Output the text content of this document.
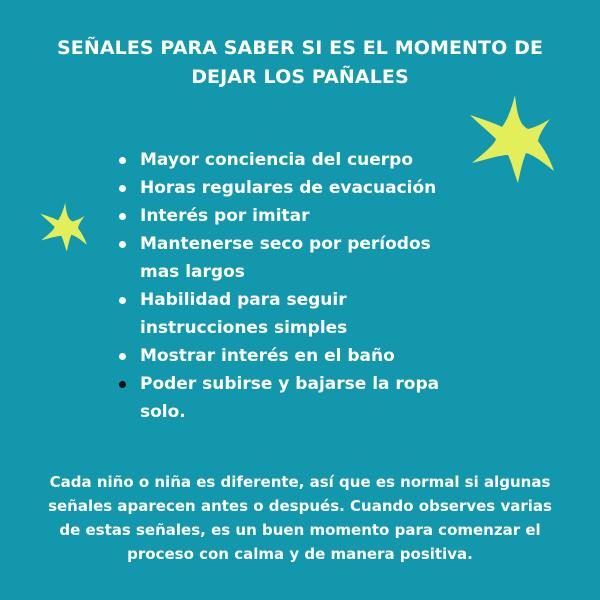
SEÑALES PARA SABER SI ES EL MOMENTO DE
DEJAR LOS PAÑALES
Mayor conciencia del cuerpo
Horas regulares de evacuación
Interés por imitar
Mantenerse seco por períodos
mas largos
Habilidad para seguir
instrucciones simples
Mostrar interés en el baño
Poder subirse y bajarse la ropa
solo.

Cada niño o niña es diferente, así que es normal si algunas
señales aparecen antes o después. Cuando observes varias
de estas señales, es un buen momento para comenzar el
proceso con calma y de manera positiva.
